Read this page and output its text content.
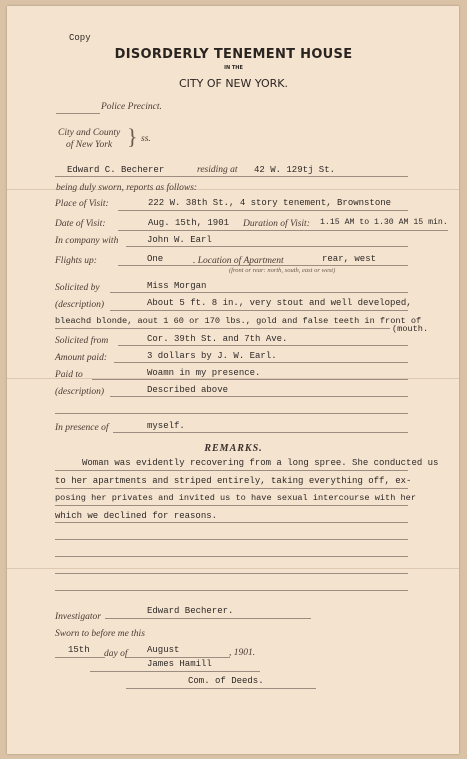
Copy
DISORDERLY TENEMENT HOUSE
IN THE
CITY OF NEW YORK.
Police Precinct.
City and County
of New York } ss.
Edward C. Becherer	residing at 42 W. 129tj St.
being duly sworn, reports as follows:
Place of Visit:	222 W. 38th St., 4 story tenement, Brownstone
Date of Visit:	Aug. 15th, 1901 Duration of Visit: 1.15 AM to 1.30 AM 15 min.
In company with	John W. Earl
Flights up:	One	. Location of Apartment	rear, west
(front or rear: north, south, east or west)
Solicited by	Miss Morgan
(description)	About 5 ft. 8 in., very stout and well developed,
bleachd blonde, aout 1 60 or 170 lbs., gold and false teeth in front of
(mouth.
Solicited from	Cor. 39th St. and 7th Ave.
Amount paid:	3 dollars by J. W. Earl.
Paid to	Woamn in my presence.
(description)	Described above
In presence of	myself.
REMARKS.
Woman was evidently recovering from a long spree. She conducted us
to her apartments and striped entirely, taking everything off, ex-
posing her privates and invited us to have sexual intercourse with her
which we declined for reasons.
Investigator
Edward Becherer.
Sworn to before me this
15th day of August	, 1901.
James Hamill
Com. of Deeds.
